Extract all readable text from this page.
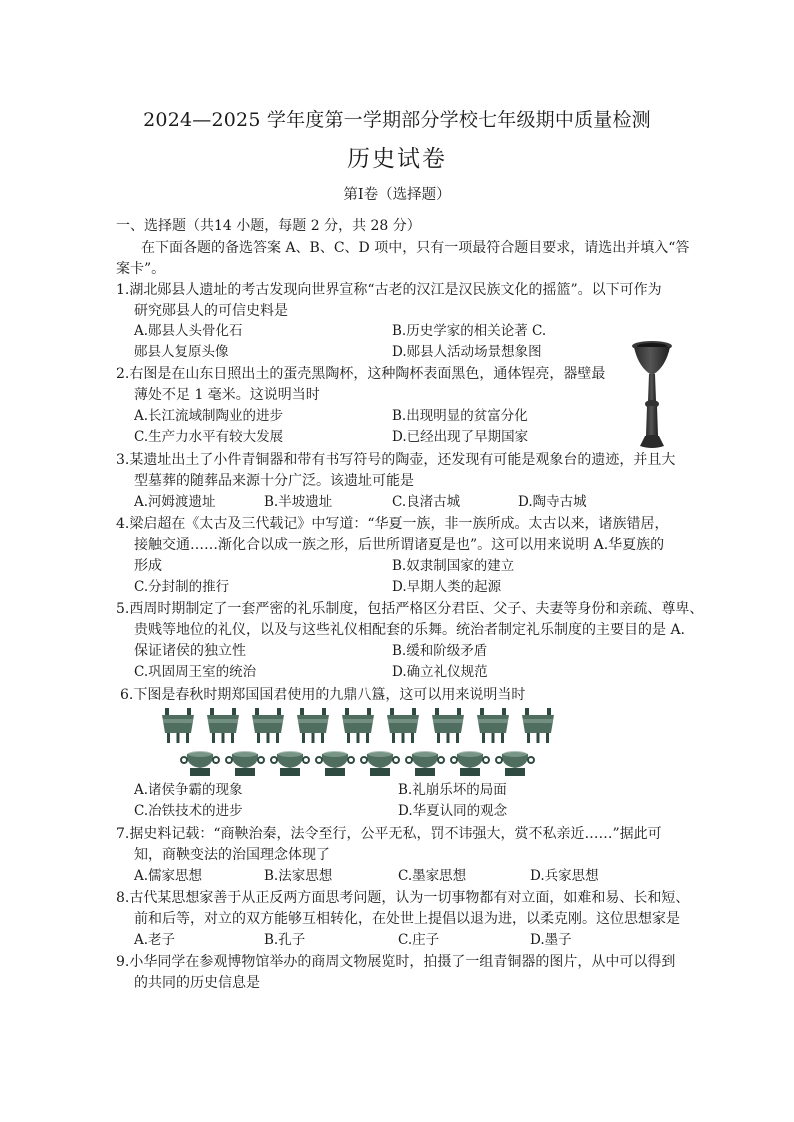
2024—2025 学年度第一学期部分学校七年级期中质量检测
历史试卷
第Ⅰ卷（选择题）
一、选择题（共14 小题，每题 2 分，共 28 分）
在下面各题的备选答案 A、B、C、D 项中，只有一项最符合题目要求，请选出并填入“答
案卡”。
1.湖北郧县人遗址的考古发现向世界宣称“古老的汉江是汉民族文化的摇篮”。以下可作为
研究郧县人的可信史料是
A.郧县人头骨化石	B.历史学家的相关论著 C.
郧县人复原头像	D.郧县人活动场景想象图
2.右图是在山东日照出土的蛋壳黑陶杯，这种陶杯表面黑色，通体锃亮，器壁最
薄处不足 1 毫米。这说明当时
A.长江流域制陶业的进步	B.出现明显的贫富分化
C.生产力水平有较大发展	D.已经出现了早期国家
3.某遗址出土了小件青铜器和带有书写符号的陶壶，还发现有可能是观象台的遗迹，并且大
型墓葬的随葬品来源十分广泛。该遗址可能是
A.河姆渡遗址	B.半坡遗址	C.良渚古城	D.陶寺古城
4.梁启超在《太古及三代载记》中写道：“华夏一族，非一族所成。太古以来，诸族错居，
接触交通……渐化合以成一族之形，后世所谓诸夏是也”。这可以用来说明 A.华夏族的
形成	B.奴隶制国家的建立
C.分封制的推行	D.早期人类的起源
5.西周时期制定了一套严密的礼乐制度，包括严格区分君臣、父子、夫妻等身份和亲疏、尊卑、
贵贱等地位的礼仪，以及与这些礼仪相配套的乐舞。统治者制定礼乐制度的主要目的是 A.
保证诸侯的独立性	B.缓和阶级矛盾
C.巩固周王室的统治	D.确立礼仪规范
6.下图是春秋时期郑国国君使用的九鼎八簋，这可以用来说明当时
A.诸侯争霸的现象	B.礼崩乐坏的局面
C.冶铁技术的进步	D.华夏认同的观念
7.据史料记载：“商鞅治秦，法令至行，公平无私，罚不讳强大，赏不私亲近……”据此可
知，商鞅变法的治国理念体现了
A.儒家思想	B.法家思想	C.墨家思想	D.兵家思想
8.古代某思想家善于从正反两方面思考问题，认为一切事物都有对立面，如难和易、长和短、
前和后等，对立的双方能够互相转化，在处世上提倡以退为进，以柔克刚。这位思想家是
A.老子	B.孔子	C.庄子	D.墨子
9.小华同学在参观博物馆举办的商周文物展览时，拍摄了一组青铜器的图片，从中可以得到
的共同的历史信息是
